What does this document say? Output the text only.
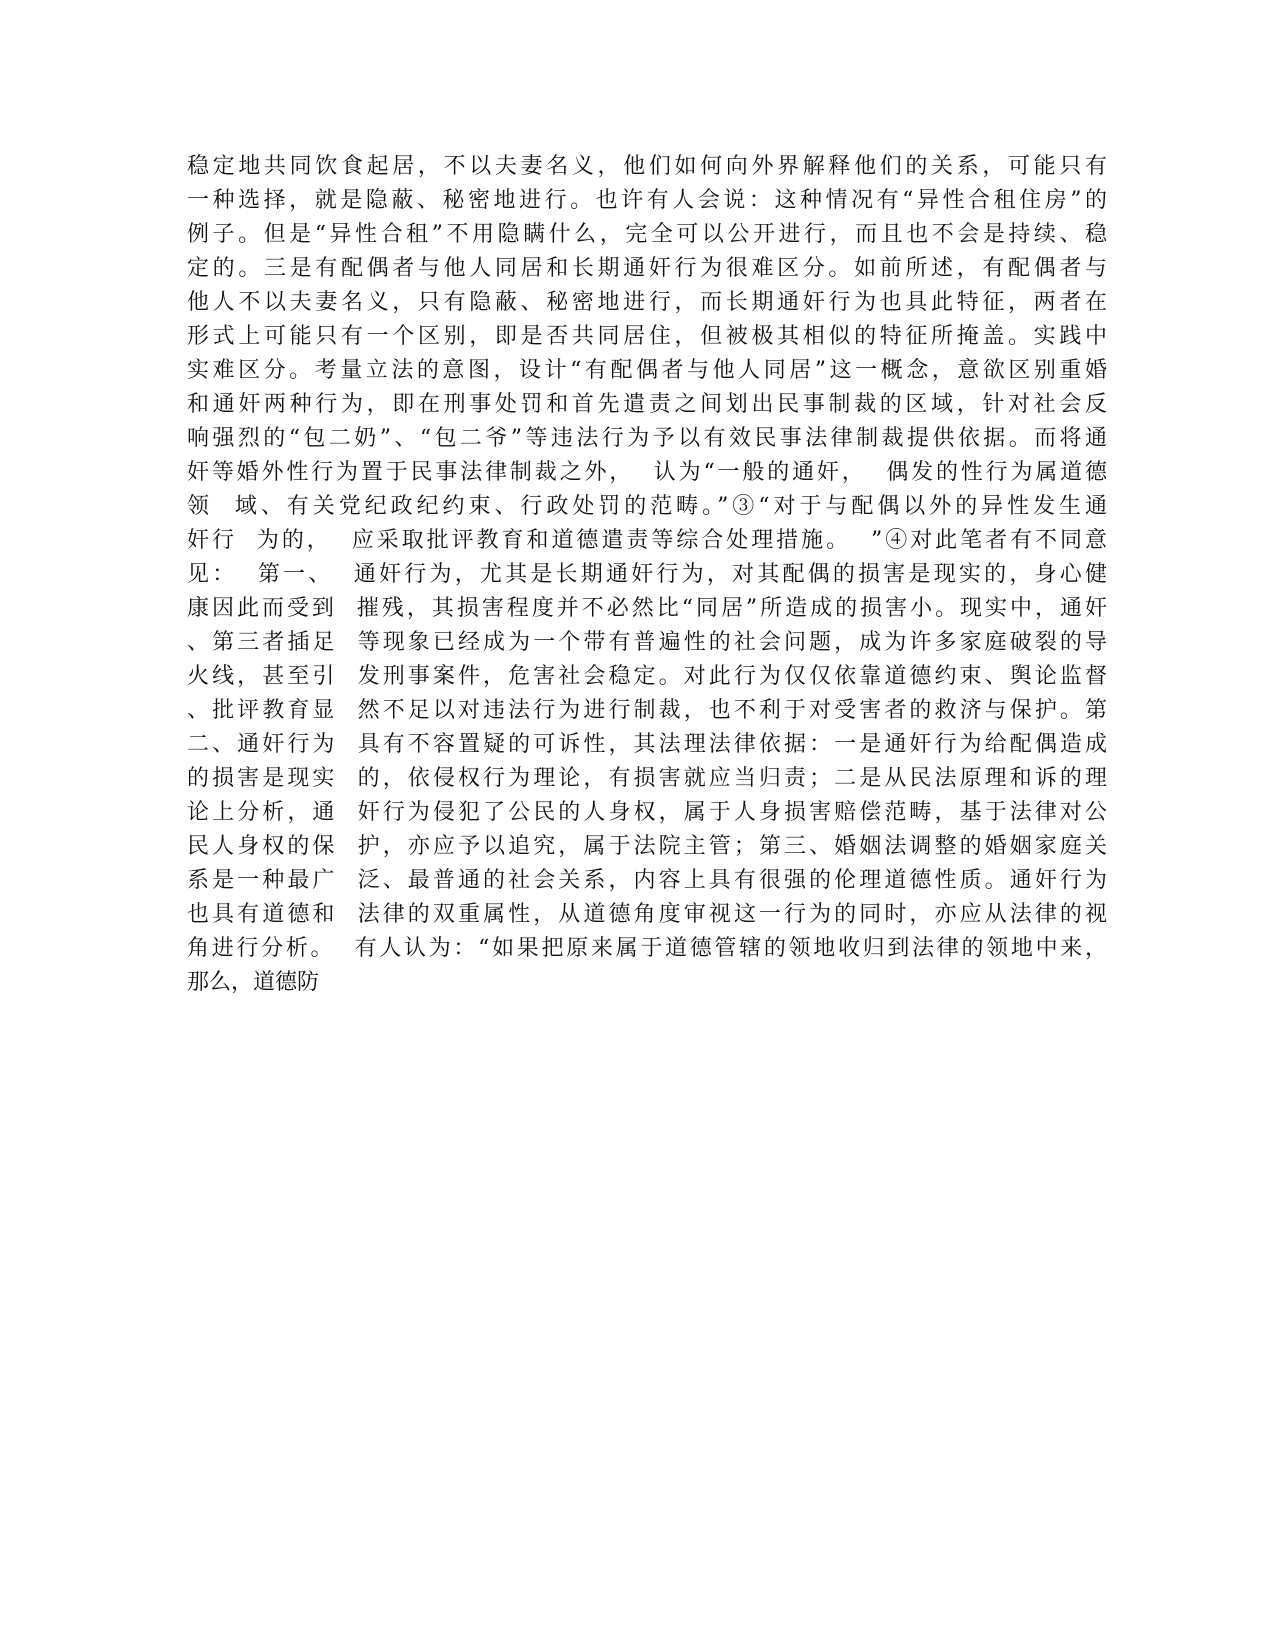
稳定地共同饮食起居，不以夫妻名义，他们如何向外界解释他们的关系，可能只有
一种选择，就是隐蔽、秘密地进行。也许有人会说：这种情况有“异性合租住房”的
例子。但是“异性合租”不用隐瞒什么，完全可以公开进行，而且也不会是持续、稳
定的。三是有配偶者与他人同居和长期通奸行为很难区分。如前所述，有配偶者与
他人不以夫妻名义，只有隐蔽、秘密地进行，而长期通奸行为也具此特征，两者在
形式上可能只有一个区别，即是否共同居住，但被极其相似的特征所掩盖。实践中
实难区分。考量立法的意图，设计“有配偶者与他人同居”这一概念，意欲区别重婚
和通奸两种行为，即在刑事处罚和首先遣责之间划出民事制裁的区域，针对社会反
响强烈的“包二奶”、“包二爷”等违法行为予以有效民事法律制裁提供依据。而将通
奸等婚外性行为置于民事法律制裁之外，  认为“一般的通奸，  偶发的性行为属道德
领  域、有关党纪政纪约束、行政处罚的范畴。”③“对于与配偶以外的异性发生通
奸行  为的，  应采取批评教育和道德遣责等综合处理措施。  ”④对此笔者有不同意
见：  第一、  通奸行为，尤其是长期通奸行为，对其配偶的损害是现实的，身心健
康因此而受到  摧残，其损害程度并不必然比“同居”所造成的损害小。现实中，通奸
、第三者插足  等现象已经成为一个带有普遍性的社会问题，成为许多家庭破裂的导
火线，甚至引  发刑事案件，危害社会稳定。对此行为仅仅依靠道德约束、舆论监督
、批评教育显  然不足以对违法行为进行制裁，也不利于对受害者的救济与保护。第
二、通奸行为  具有不容置疑的可诉性，其法理法律依据：一是通奸行为给配偶造成
的损害是现实  的，依侵权行为理论，有损害就应当归责；二是从民法原理和诉的理
论上分析，通  奸行为侵犯了公民的人身权，属于人身损害赔偿范畴，基于法律对公
民人身权的保  护，亦应予以追究，属于法院主管；第三、婚姻法调整的婚姻家庭关
系是一种最广  泛、最普通的社会关系，内容上具有很强的伦理道德性质。通奸行为
也具有道德和  法律的双重属性，从道德角度审视这一行为的同时，亦应从法律的视
角进行分析。  有人认为：“如果把原来属于道德管辖的领地收归到法律的领地中来，
那么，道德防
